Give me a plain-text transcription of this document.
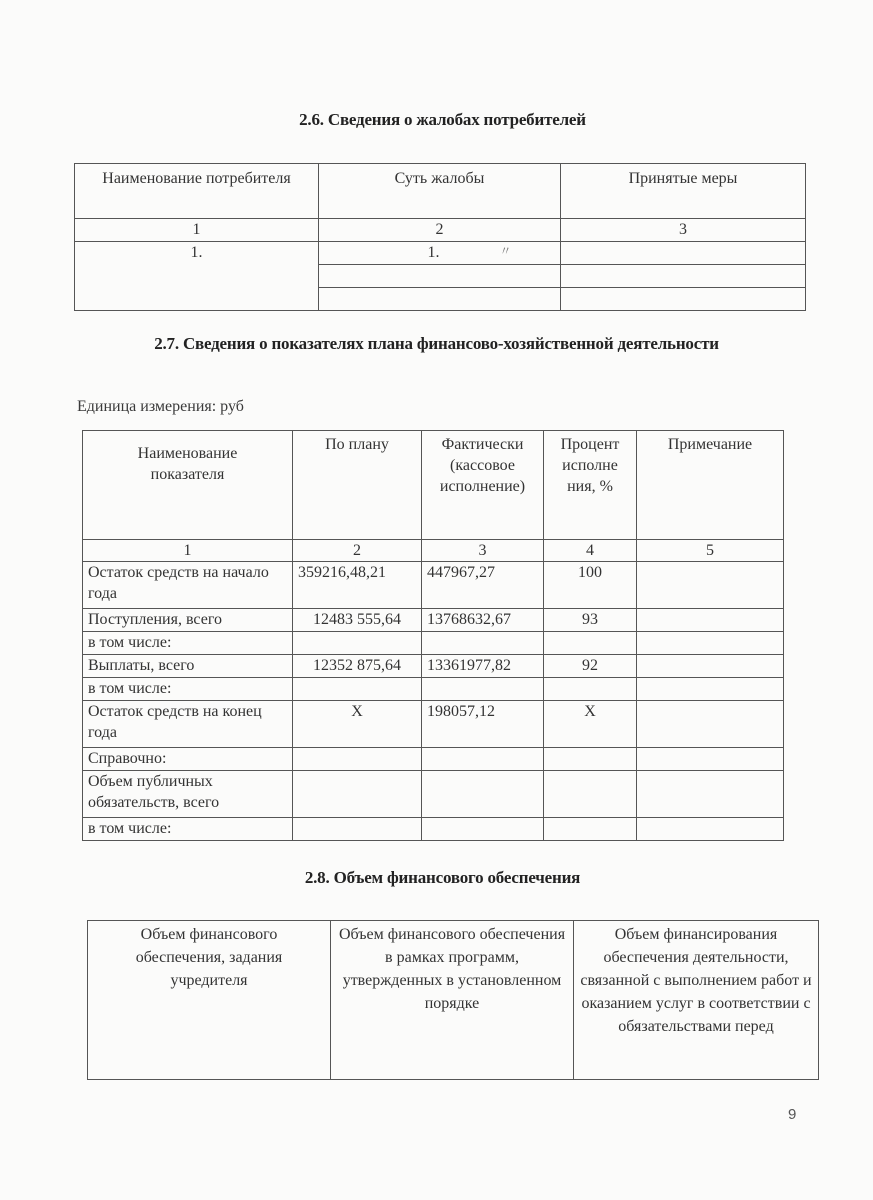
2.6. Сведения о жалобах потребителей
Наименование потребителя	Суть жалобы	Принятые меры
1	2	3
1.	1. 〃	

2.7. Сведения о показателях плана финансово-хозяйственной деятельности
Единица измерения: руб
Наименование показателя	По плану	Фактически (кассовое исполнение)	Процент исполне ния, %	Примечание
1	2	3	4	5
Остаток средств на начало года	359216,48,21	447967,27	100	
Поступления, всего	12483 555,64	13768632,67	93	
в том числе:				
Выплаты, всего	12352 875,64	13361977,82	92	
в том числе:				
Остаток средств на конец года	X	198057,12	X	
Справочно:				
Объем публичных обязательств, всего				
в том числе:				
2.8. Объем финансового обеспечения
Объем финансового обеспечения, задания учредителя	Объем финансового обеспечения в рамках программ, утвержденных в установленном порядке	Объем финансирования обеспечения деятельности, связанной с выполнением работ и оказанием услуг в соответствии с обязательствами перед
9
